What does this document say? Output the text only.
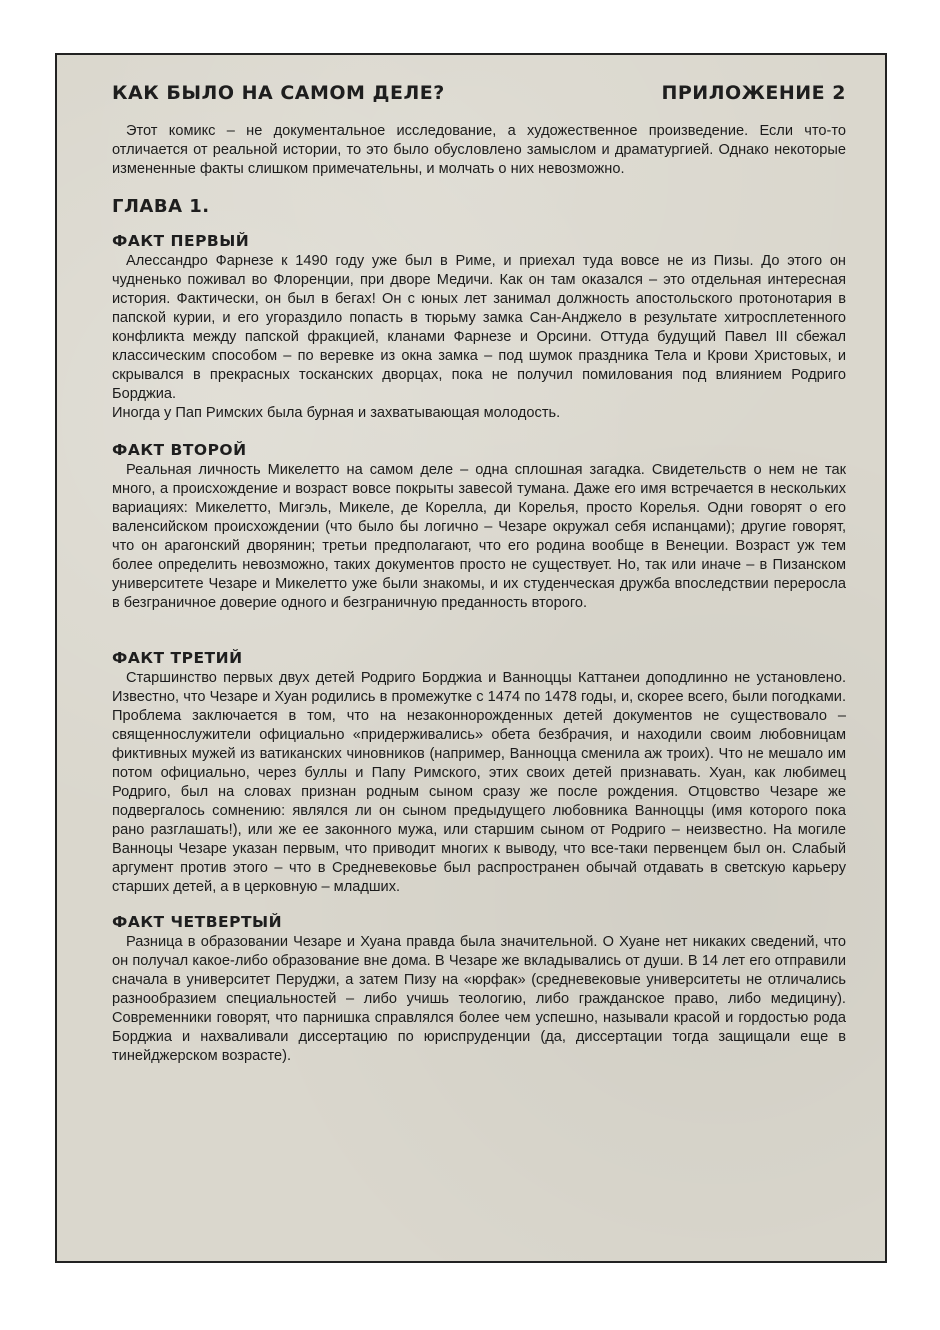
КАК БЫЛО НА САМОМ ДЕЛЕ?	ПРИЛОЖЕНИЕ 2

Этот комикс – не документальное исследование, а художественное произведение. Если что-то отличается от реальной истории, то это было обусловлено замыслом и драматургией. Однако некоторые измененные факты слишком примечательны, и молчать о них невозможно.

ГЛАВА 1.
ФАКТ ПЕРВЫЙ

Алессандро Фарнезе к 1490 году уже был в Риме, и приехал туда вовсе не из Пизы. До этого он чудненько поживал во Флоренции, при дворе Медичи. Как он там оказался – это отдельная интересная история. Фактически, он был в бегах! Он с юных лет занимал должность апостольского протонотария в папской курии, и его угораздило попасть в тюрьму замка Сан-Анджело в результате хитросплетенного конфликта между папской фракцией, кланами Фарнезе и Орсини. Оттуда будущий Павел III сбежал классическим способом – по веревке из окна замка – под шумок праздника Тела и Крови Христовых, и скрывался в прекрасных тосканских дворцах, пока не получил помилования под влиянием Родриго Борджиа.

Иногда у Пап Римских была бурная и захватывающая молодость.

ФАКТ ВТОРОЙ

Реальная личность Микелетто на самом деле – одна сплошная загадка. Свидетельств о нем не так много, а происхождение и возраст вовсе покрыты завесой тумана. Даже его имя встречается в нескольких вариациях: Микелетто, Мигэль, Микеле, де Корелла, ди Корелья, просто Корелья. Одни говорят о его валенсийском происхождении (что было бы логично – Чезаре окружал себя испанцами); другие говорят, что он арагонский дворянин; третьи предполагают, что его родина вообще в Венеции. Возраст уж тем более определить невозможно, таких документов просто не существует. Но, так или иначе – в Пизанском университете Чезаре и Микелетто уже были знакомы, и их студенческая дружба впоследствии переросла в безграничное доверие одного и безграничную преданность второго.

ФАКТ ТРЕТИЙ

Старшинство первых двух детей Родриго Борджиа и Ванноццы Каттанеи доподлинно не установлено. Известно, что Чезаре и Хуан родились в промежутке с 1474 по 1478 годы, и, скорее всего, были погодками. Проблема заключается в том, что на незаконнорожденных детей документов не существовало – священнослужители официально «придерживались» обета безбрачия, и находили своим любовницам фиктивных мужей из ватиканских чиновников (например, Ванноцца сменила аж троих). Что не мешало им потом официально, через буллы и Папу Римского, этих своих детей признавать. Хуан, как любимец Родриго, был на словах признан родным сыном сразу же после рождения. Отцовство Чезаре же подвергалось сомнению: являлся ли он сыном предыдущего любовника Ванноццы (имя которого пока рано разглашать!), или же ее законного мужа, или старшим сыном от Родриго – неизвестно. На могиле Ванноцы Чезаре указан первым, что приводит многих к выводу, что все-таки первенцем был он. Слабый аргумент против этого – что в Средневековье был распространен обычай отдавать в светскую карьеру старших детей, а в церковную – младших.

ФАКТ ЧЕТВЕРТЫЙ

Разница в образовании Чезаре и Хуана правда была значительной. О Хуане нет никаких сведений, что он получал какое-либо образование вне дома. В Чезаре же вкладывались от души. В 14 лет его отправили сначала в университет Перуджи, а затем Пизу на «юрфак» (средневековые университеты не отличались разнообразием специальностей – либо учишь теологию, либо гражданское право, либо медицину). Современники говорят, что парнишка справлялся более чем успешно, называли красой и гордостью рода Борджиа и нахваливали диссертацию по юриспруденции (да, диссертации тогда защищали еще в тинейджерском возрасте).
